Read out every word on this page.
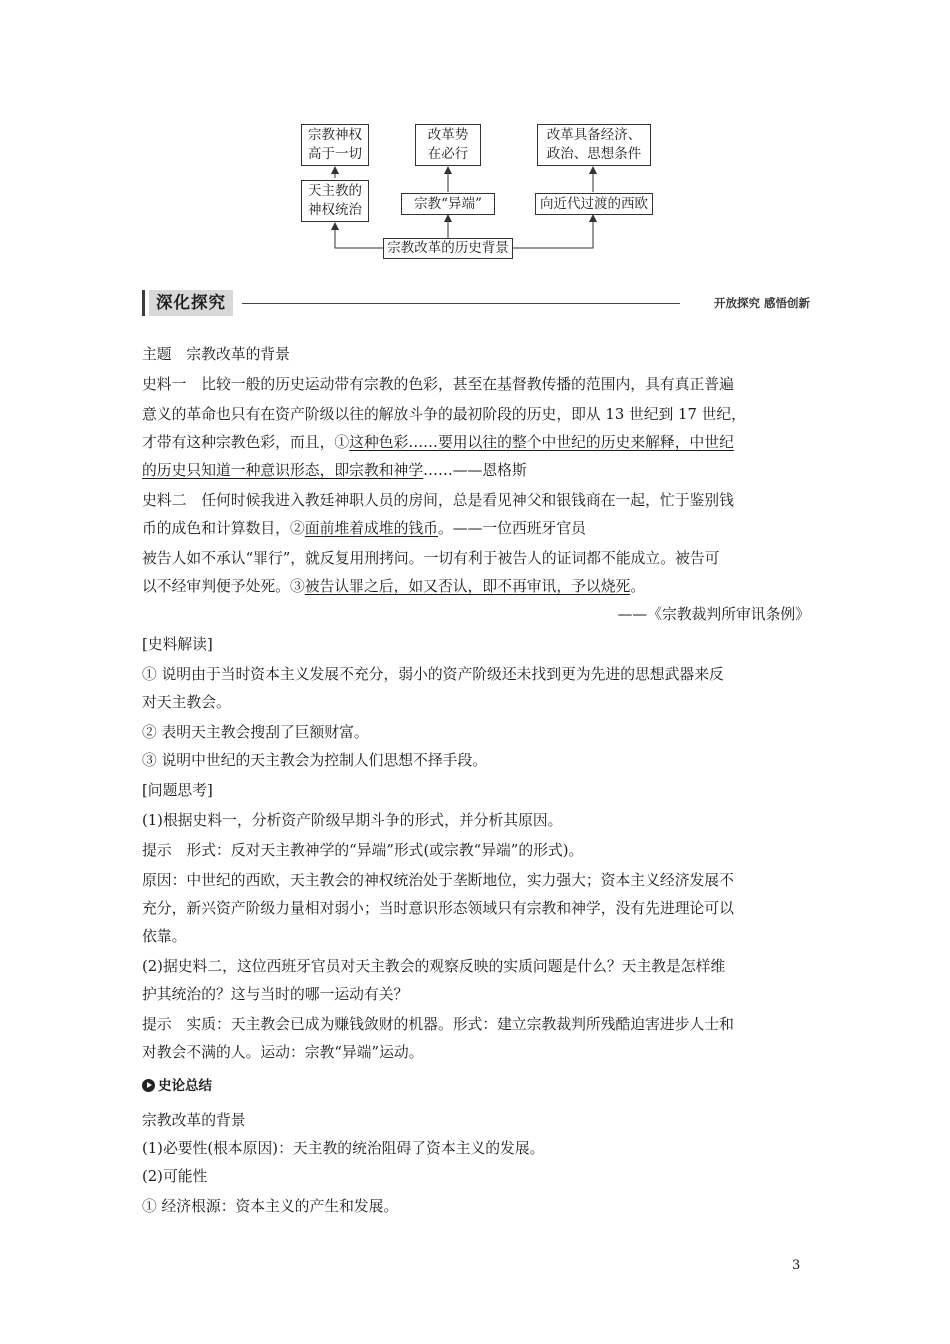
宗教神权
高于一切
改革势
在必行
改革具备经济、
政治、思想条件
天主教的
神权统治	宗教“异端”	向近代过渡的西欧
宗教改革的历史背景
深化探究	开放探究 感悟创新
主题　宗教改革的背景
史料一　比较一般的历史运动带有宗教的色彩，甚至在基督教传播的范围内，具有真正普遍
意义的革命也只有在资产阶级以往的解放斗争的最初阶段的历史，即从 13 世纪到 17 世纪，
才带有这种宗教色彩，而且，①这种色彩……要用以往的整个中世纪的历史来解释，中世纪
的历史只知道一种意识形态，即宗教和神学……——恩格斯
史料二　任何时候我进入教廷神职人员的房间，总是看见神父和银钱商在一起，忙于鉴别钱
币的成色和计算数目，②面前堆着成堆的钱币。——一位西班牙官员
被告人如不承认“罪行”，就反复用刑拷问。一切有利于被告人的证词都不能成立。被告可
以不经审判便予处死。③被告认罪之后，如又否认，即不再审讯，予以烧死。
——《宗教裁判所审讯条例》
[史料解读]
① 说明由于当时资本主义发展不充分，弱小的资产阶级还未找到更为先进的思想武器来反
对天主教会。
② 表明天主教会搜刮了巨额财富。
③ 说明中世纪的天主教会为控制人们思想不择手段。
[问题思考]
(1)根据史料一，分析资产阶级早期斗争的形式，并分析其原因。
提示　形式：反对天主教神学的“异端”形式(或宗教“异端”的形式)。
原因：中世纪的西欧，天主教会的神权统治处于垄断地位，实力强大；资本主义经济发展不
充分，新兴资产阶级力量相对弱小；当时意识形态领域只有宗教和神学，没有先进理论可以
依靠。
(2)据史料二，这位西班牙官员对天主教会的观察反映的实质问题是什么？天主教是怎样维
护其统治的？这与当时的哪一运动有关？
提示　实质：天主教会已成为赚钱敛财的机器。形式：建立宗教裁判所残酷迫害进步人士和
对教会不满的人。运动：宗教“异端”运动。
史论总结
宗教改革的背景
(1)必要性(根本原因)：天主教的统治阻碍了资本主义的发展。
(2)可能性
① 经济根源：资本主义的产生和发展。
3
